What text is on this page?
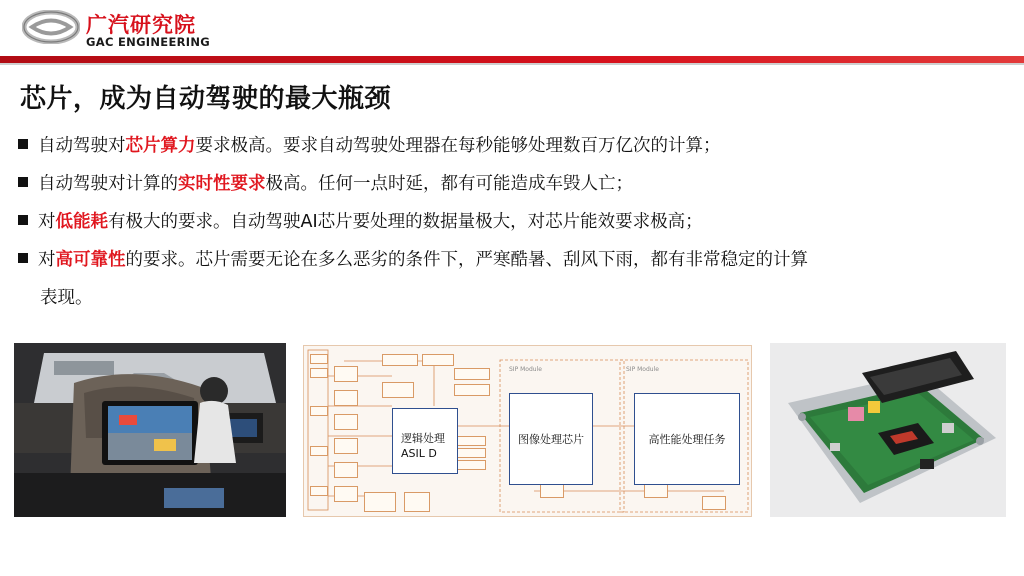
广汽研究院
GAC ENGINEERING
芯片，成为自动驾驶的最大瓶颈
自动驾驶对芯片算力要求极高。要求自动驾驶处理器在每秒能够处理数百万亿次的计算；
自动驾驶对计算的实时性要求极高。任何一点时延，都有可能造成车毁人亡；
对低能耗有极大的要求。自动驾驶AI芯片要处理的数据量极大，对芯片能效要求极高；
对高可靠性的要求。芯片需要无论在多么恶劣的条件下，严寒酷暑、刮风下雨，都有非常稳定的计算
表现。
SIP Module	SIP Module
逻辑处理
ASIL D
图像处理芯片	高性能处理任务
